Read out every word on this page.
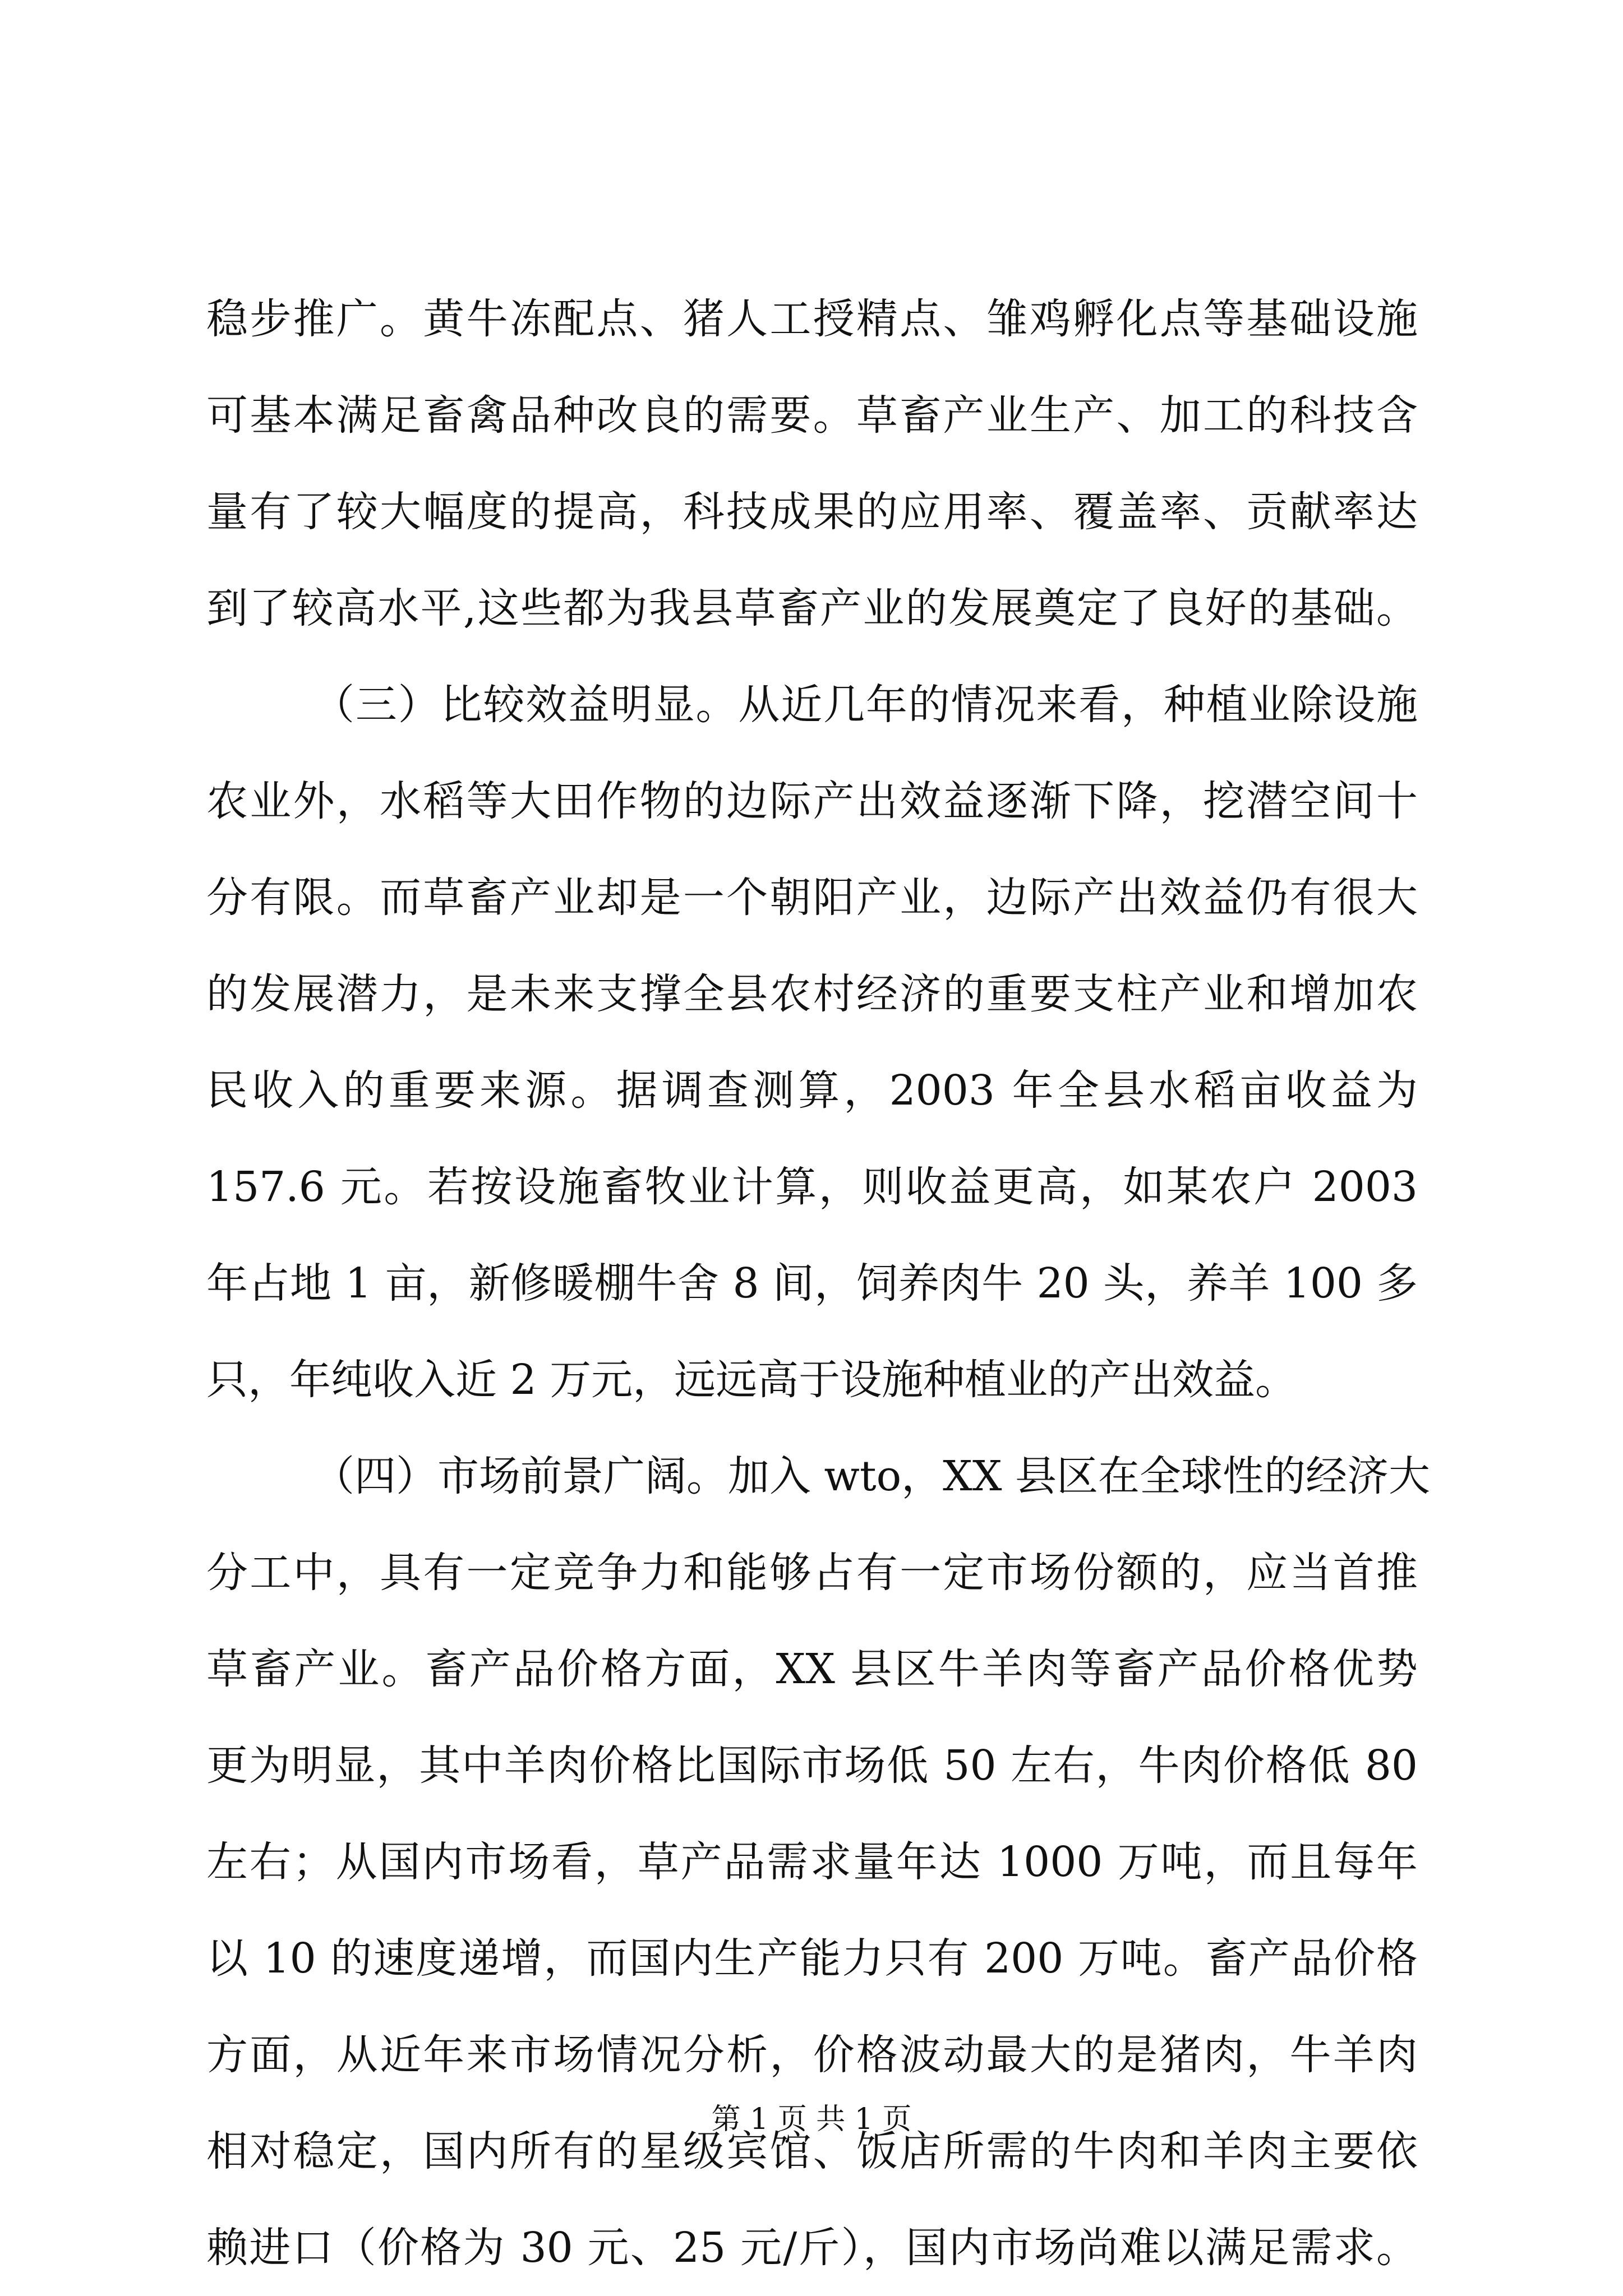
稳步推广。黄牛冻配点、猪人工授精点、雏鸡孵化点等基础设施
可基本满足畜禽品种改良的需要。草畜产业生产、加工的科技含
量有了较大幅度的提高，科技成果的应用率、覆盖率、贡献率达
到了较高水平,这些都为我县草畜产业的发展奠定了良好的基础。
（三）比较效益明显。从近几年的情况来看，种植业除设施
农业外，水稻等大田作物的边际产出效益逐渐下降，挖潜空间十
分有限。而草畜产业却是一个朝阳产业，边际产出效益仍有很大
的发展潜力，是未来支撑全县农村经济的重要支柱产业和增加农
民收入的重要来源。据调查测算，2003 年全县水稻亩收益为
157.6 元。若按设施畜牧业计算，则收益更高，如某农户 2003
年占地 1 亩，新修暖棚牛舍 8 间，饲养肉牛 20 头，养羊 100 多
只，年纯收入近 2 万元，远远高于设施种植业的产出效益。
（四）市场前景广阔。加入 wto，XX 县区在全球性的经济大
分工中，具有一定竞争力和能够占有一定市场份额的，应当首推
草畜产业。畜产品价格方面，XX 县区牛羊肉等畜产品价格优势
更为明显，其中羊肉价格比国际市场低 50 左右，牛肉价格低 80
左右；从国内市场看，草产品需求量年达 1000 万吨，而且每年
以 10 的速度递增，而国内生产能力只有 200 万吨。畜产品价格
方面，从近年来市场情况分析，价格波动最大的是猪肉，牛羊肉
相对稳定，国内所有的星级宾馆、饭店所需的牛肉和羊肉主要依
赖进口（价格为 30 元、25 元/斤），国内市场尚难以满足需求。
第 1 页 共 1 页
